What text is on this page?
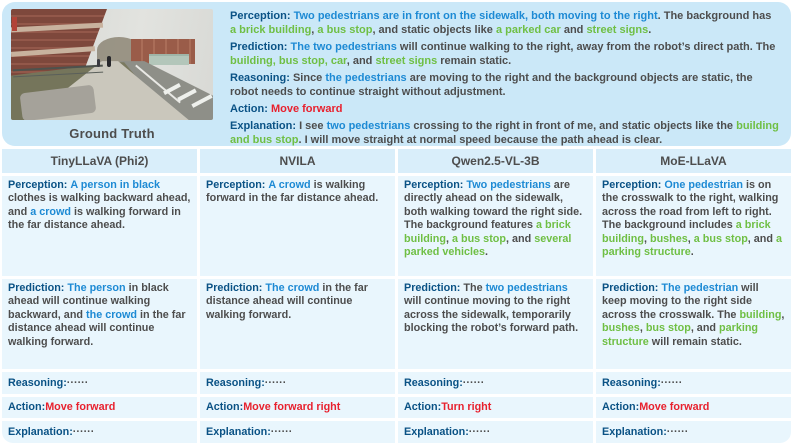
Ground Truth

Perception: Two pedestrians are in front on the sidewalk, both moving to the right. The background has a brick building, a bus stop, and static objects like a parked car and street signs.

Prediction: The two pedestrians will continue walking to the right, away from the robot’s direct path. The building, bus stop, car, and street signs remain static.

Reasoning: Since the pedestrians are moving to the right and the background objects are static, the robot needs to continue straight without adjustment.

Action: Move forward

Explanation: I see two pedestrians crossing to the right in front of me, and static objects like the building and bus stop. I will move straight at normal speed because the path ahead is clear.

TinyLLaVA (Phi2)	NVILA	Qwen2.5-VL-3B	MoE-LLaVA
Perception: A person in black clothes is walking backward ahead, and a crowd is walking forward in the far distance ahead.
Perception: A crowd is walking forward in the far distance ahead.
Perception: Two pedestrians are directly ahead on the sidewalk, both walking toward the right side. The background features a brick building, a bus stop, and several parked vehicles.
Perception: One pedestrian is on the crosswalk to the right, walking across the road from left to right. The background includes a brick building, bushes, a bus stop, and a parking structure.
Prediction: The person in black ahead will continue walking backward, and the crowd in the far distance ahead will continue walking forward.
Prediction: The crowd in the far distance ahead will continue walking forward.
Prediction: The two pedestrians will continue moving to the right across the sidewalk, temporarily blocking the robot’s forward path.
Prediction: The pedestrian will keep moving to the right side across the crosswalk. The building, bushes, bus stop, and parking structure will remain static.
Reasoning: ······	Reasoning: ······	Reasoning: ······	Reasoning: ······
Action: Move forward	Action: Move forward right	Action: Turn right	Action: Move forward
Explanation: ······	Explanation: ······	Explanation: ······	Explanation: ······
